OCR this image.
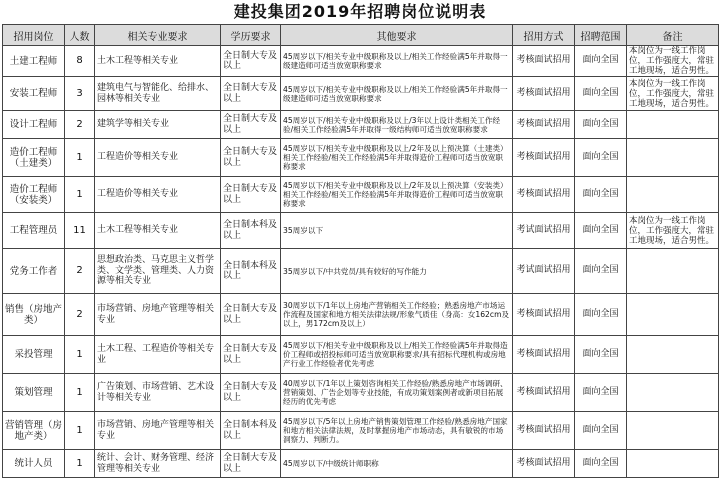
建投集团2019年招聘岗位说明表
招用岗位	人数	相关专业要求	学历要求	其他要求	招用方式	招聘范围	备注
土建工程师	8	土木工程等相关专业	全日制大专及以上	45周岁以下/相关专业中级职称及以上/相关工作经验满5年并取得一级建造师可适当放宽职称要求	考核面试招用	面向全国	本岗位为一线工作岗位，工作强度大，常驻工地现场，适合男性。
安装工程师	3	建筑电气与智能化、给排水、园林等相关专业	全日制大专及以上	45周岁以下/相关专业中级职称及以上/相关工作经验满5年并取得一级建造师可适当放宽职称要求	考核面试招用	面向全国	本岗位为一线工作岗位，工作强度大，常驻工地现场，适合男性。
设计工程师	2	建筑学等相关专业	全日制大专及以上	45周岁以下/相关专业中级职称及以上/3年以上设计类相关工作经验/相关工作经验满5年并取得一级结构师可适当放宽职称要求	考核面试招用	面向全国	
造价工程师（土建类）	1	工程造价等相关专业	全日制大专及以上	45周岁以下/相关专业中级职称及以上/2年及以上预决算（土建类）相关工作经验/相关工作经验满5年并取得造价工程师可适当放宽职称要求	考核面试招用	面向全国	
造价工程师（安装类）	1	工程造价等相关专业	全日制大专及以上	45周岁以下/相关专业中级职称及以上/2年及以上预决算（安装类）相关工作经验/相关工作经验满5年并取得造价工程师可适当放宽职称要求	考核面试招用	面向全国	
工程管理员	11	土木工程等相关专业	全日制本科及以上	35周岁以下	考试面试招用	面向全国	本岗位为一线工作岗位，工作强度大，常驻工地现场，适合男性。
党务工作者	2	思想政治类、马克思主义哲学类、文学类、管理类、人力资源等相关专业	全日制本科及以上	35周岁以下/中共党员/具有较好的写作能力	考试面试招用	面向全国	
销售（房地产类）	2	市场营销、房地产管理等相关专业	全日制大专及以上	30周岁以下/1年以上房地产营销相关工作经验；熟悉房地产市场运作流程及国家和地方相关法律法规/形象气质佳（身高：女162cm及以上，男172cm及以上）	考核面试招用	面向全国	
采投管理	1	土木工程、工程造价等相关专业	全日制大专及以上	45周岁以下/相关专业中级职称及以上/相关工作经验满5年并取得造价工程师或招投标师可适当放宽职称要求/具有招标代理机构或房地产行业工作经验者优先考虑	考核面试招用	面向全国	
策划管理	1	广告策划、市场营销、艺术设计等相关专业	全日制大专及以上	40周岁以下/1年以上策划咨询相关工作经验/熟悉房地产市场调研、营销策划、广告企划等专业技能，有成功策划案例者或新项目拓展经历的优先考虑	考核面试招用	面向全国	
营销管理（房地产类）	1	市场营销、房地产管理等相关专业	全日制本科及以上	45周岁以下/5年以上房地产销售策划管理工作经验/熟悉房地产国家和地方相关法律法规，及时掌握房地产市场动态，具有敏锐的市场洞察力、判断力。	考核面试招用	面向全国	
统计人员	1	统计、会计、财务管理、经济管理等相关专业	全日制大专及以上	45周岁以下/中级统计师职称	考核面试招用	面向全国	
